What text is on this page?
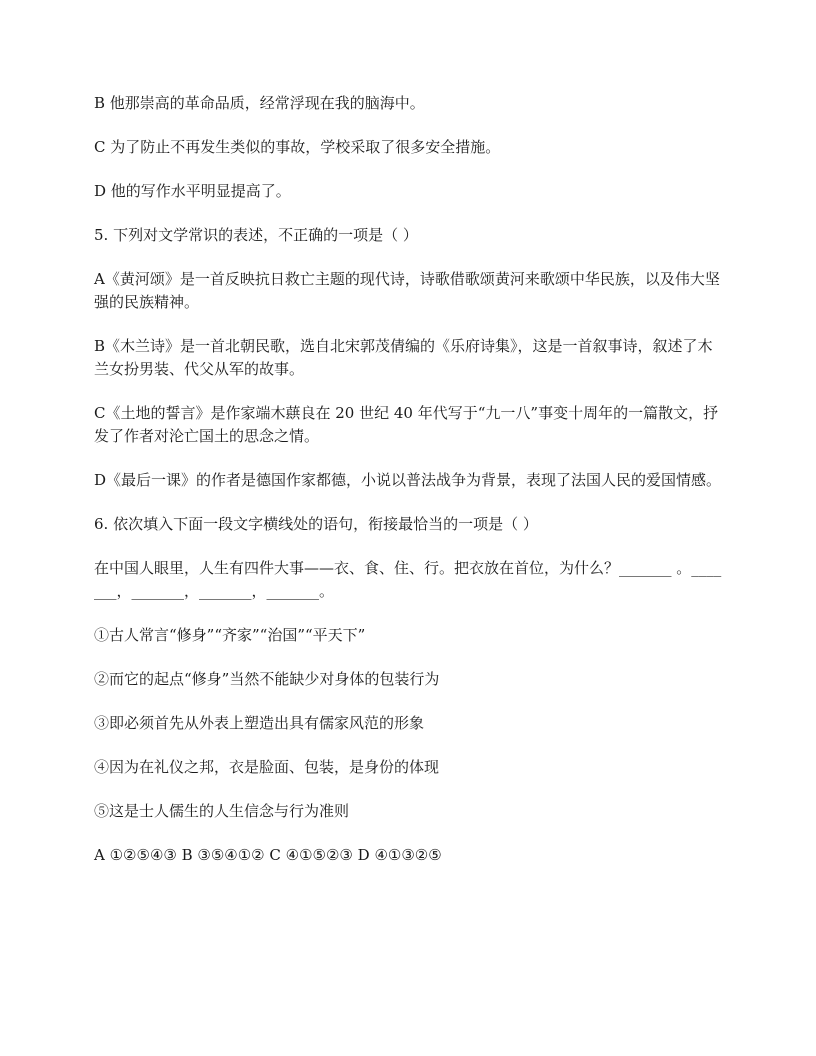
B 他那崇高的革命品质，经常浮现在我的脑海中。

C 为了防止不再发生类似的事故，学校采取了很多安全措施。

D 他的写作水平明显提高了。

5. 下列对文学常识的表述，不正确的一项是（ ）

A《黄河颂》是一首反映抗日救亡主题的现代诗，诗歌借歌颂黄河来歌颂中华民族，以及伟大坚强的民族精神。

B《木兰诗》是一首北朝民歌，选自北宋郭茂倩编的《乐府诗集》，这是一首叙事诗，叙述了木兰女扮男装、代父从军的故事。

C《土地的誓言》是作家端木蕻良在 20 世纪 40 年代写于“九一八”事变十周年的一篇散文，抒发了作者对沦亡国土的思念之情。

D《最后一课》的作者是德国作家都德，小说以普法战争为背景，表现了法国人民的爱国情感。

6. 依次填入下面一段文字横线处的语句，衔接最恰当的一项是（ ）

在中国人眼里，人生有四件大事——衣、食、住、行。把衣放在首位，为什么？_______ 。_______，_______，_______，_______。

①古人常言“修身”“齐家”“治国”“平天下”

②而它的起点“修身”当然不能缺少对身体的包装行为

③即必须首先从外表上塑造出具有儒家风范的形象

④因为在礼仪之邦，衣是脸面、包装，是身份的体现

⑤这是士人儒生的人生信念与行为准则

A ①②⑤④③ B ③⑤④①② C ④①⑤②③ D ④①③②⑤
